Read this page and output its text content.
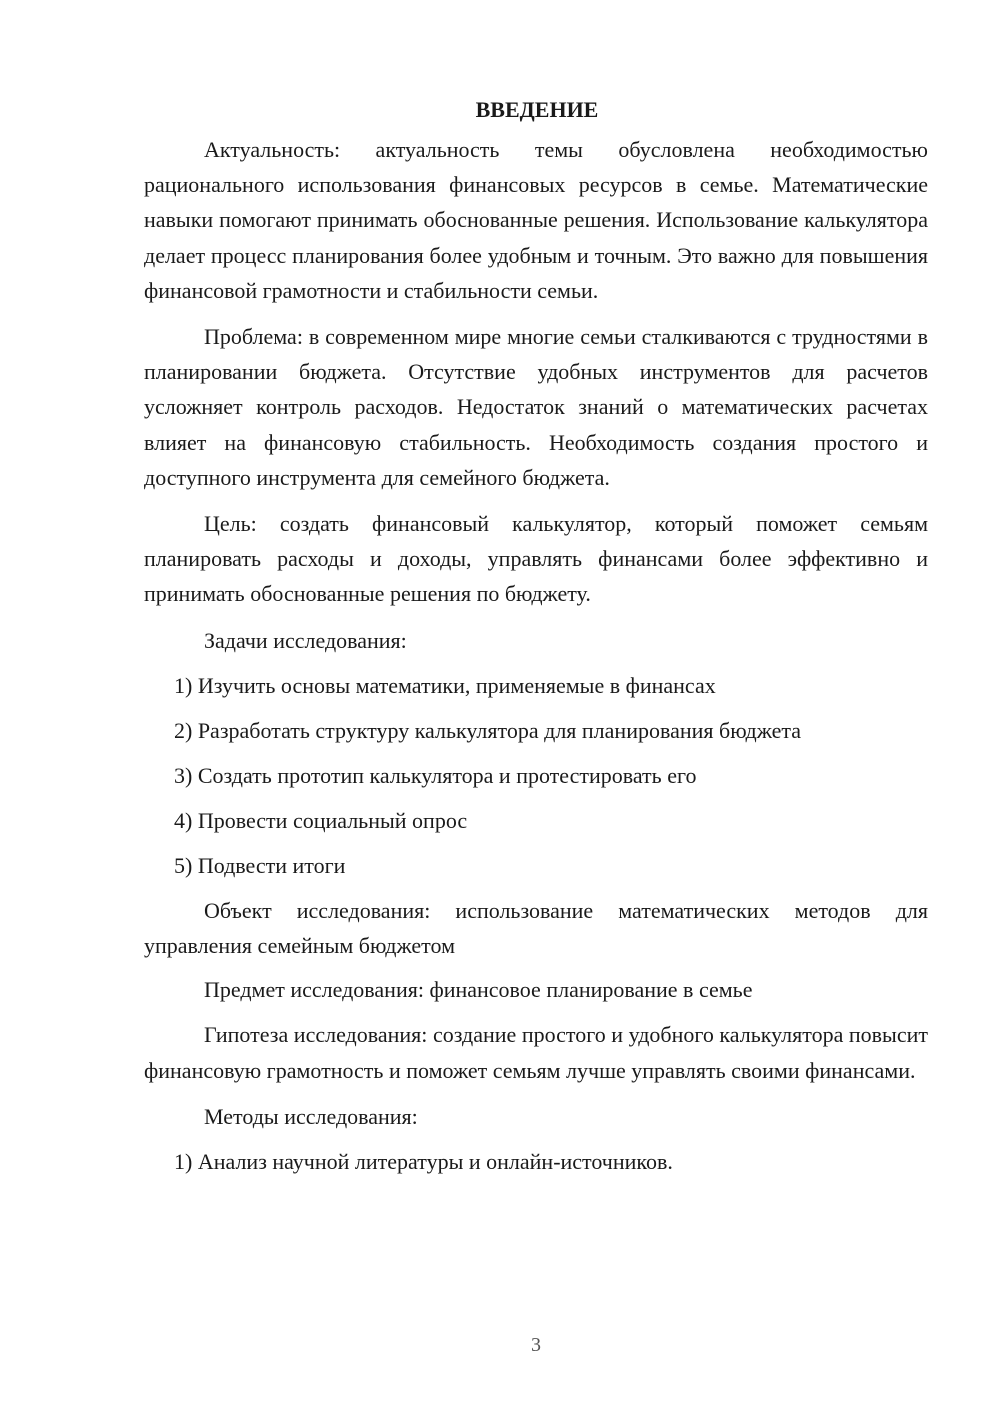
ВВЕДЕНИЕ

Актуальность: актуальность темы обусловлена необходимостью рационального использования финансовых ресурсов в семье. Математические навыки помогают принимать обоснованные решения. Использование калькулятора делает процесс планирования более удобным и точным. Это важно для повышения финансовой грамотности и стабильности семьи.

Проблема: в современном мире многие семьи сталкиваются с трудностями в планировании бюджета. Отсутствие удобных инструментов для расчетов усложняет контроль расходов. Недостаток знаний о математических расчетах влияет на финансовую стабильность. Необходимость создания простого и доступного инструмента для семейного бюджета.

Цель: создать финансовый калькулятор, который поможет семьям планировать расходы и доходы, управлять финансами более эффективно и принимать обоснованные решения по бюджету.

Задачи исследования:

1) Изучить основы математики, применяемые в финансах
2) Разработать структуру калькулятора для планирования бюджета
3) Создать прототип калькулятора и протестировать его
4) Провести социальный опрос
5) Подвести итоги

Объект исследования: использование математических методов для управления семейным бюджетом

Предмет исследования: финансовое планирование в семье

Гипотеза исследования: создание простого и удобного калькулятора повысит финансовую грамотность и поможет семьям лучше управлять своими финансами.

Методы исследования:

1) Анализ научной литературы и онлайн-источников.
3
